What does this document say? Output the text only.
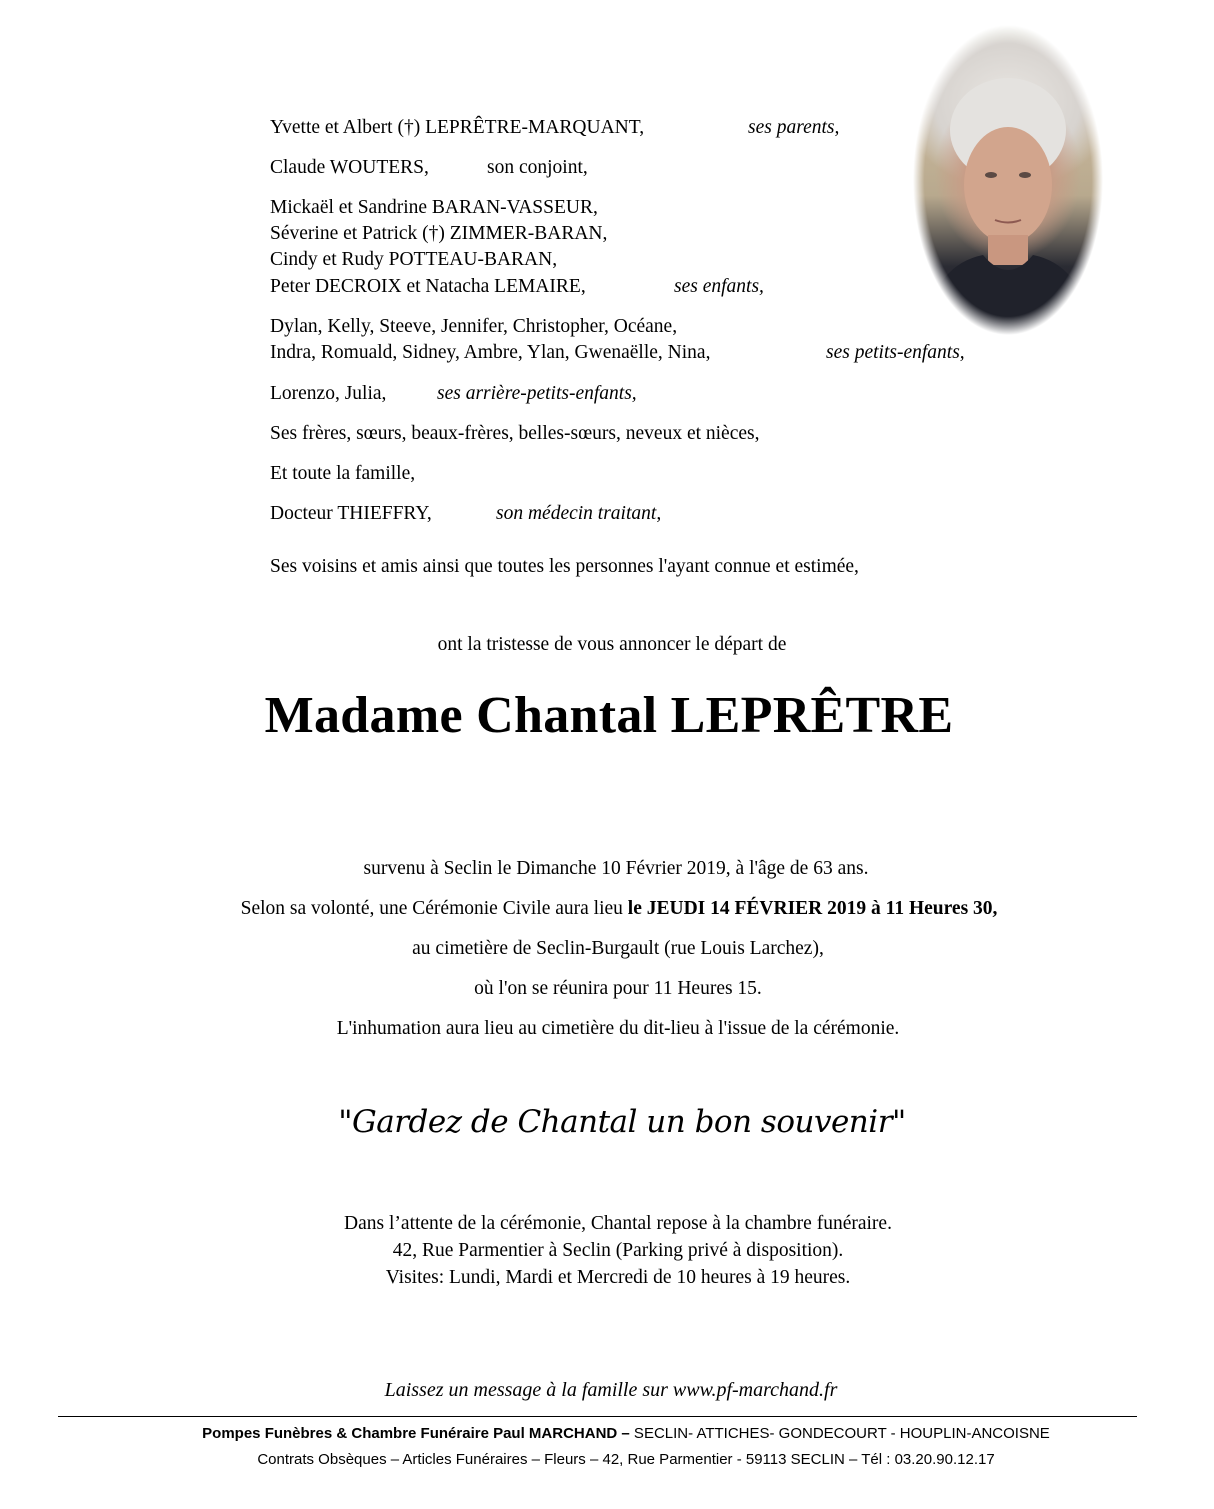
Yvette et Albert (†) LEPRÊTRE-MARQUANT,	ses parents,
Claude WOUTERS,	son conjoint,
Mickaël et Sandrine BARAN-VASSEUR,
Séverine et Patrick (†) ZIMMER-BARAN,
Cindy et Rudy POTTEAU-BARAN,
Peter DECROIX et Natacha LEMAIRE,	ses enfants,
Dylan, Kelly, Steeve, Jennifer, Christopher, Océane,
Indra, Romuald, Sidney, Ambre, Ylan, Gwenaëlle, Nina,	ses petits-enfants,
Lorenzo, Julia,	ses arrière-petits-enfants,
Ses frères, sœurs, beaux-frères, belles-sœurs, neveux et nièces,
Et toute la famille,
Docteur THIEFFRY,	son médecin traitant,
Ses voisins et amis ainsi que toutes les personnes l'ayant connue et estimée,
ont la tristesse de vous annoncer le départ de
Madame Chantal LEPRÊTRE
survenu à Seclin le Dimanche 10 Février 2019, à l'âge de 63 ans.
Selon sa volonté, une Cérémonie Civile aura lieu le JEUDI 14 FÉVRIER 2019 à 11 Heures 30,
au cimetière de Seclin-Burgault (rue Louis Larchez),
où l'on se réunira pour 11 Heures 15.
L'inhumation aura lieu au cimetière du dit-lieu à l'issue de la cérémonie.
"Gardez de Chantal un bon souvenir"
Dans l’attente de la cérémonie, Chantal repose à la chambre funéraire.
42, Rue Parmentier à Seclin (Parking privé à disposition).
Visites: Lundi, Mardi et Mercredi de 10 heures à 19 heures.
Laissez un message à la famille sur www.pf-marchand.fr
Pompes Funèbres & Chambre Funéraire Paul MARCHAND – SECLIN- ATTICHES- GONDECOURT - HOUPLIN-ANCOISNE
Contrats Obsèques – Articles Funéraires – Fleurs – 42, Rue Parmentier - 59113 SECLIN – Tél : 03.20.90.12.17
